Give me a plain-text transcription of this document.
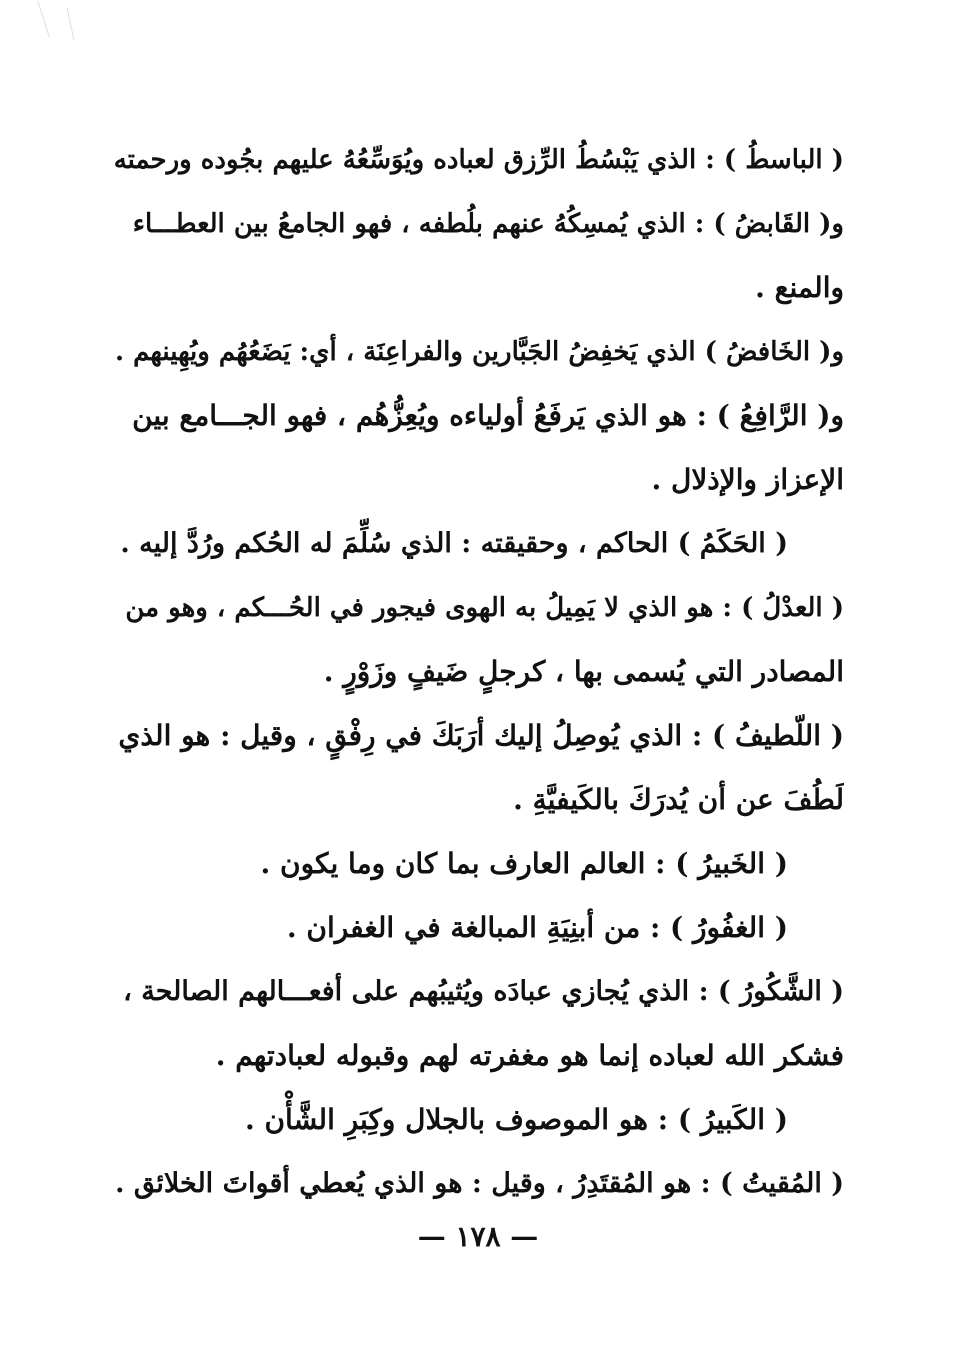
( الباسطُ ) : الذي يَبْسُطُ الرِّزق لعباده ويُوَسِّعُهُ عليهم بجُوده ورحمته
و( القَابضُ ) : الذي يُمسِكُهُ عنهم بلُطفه ، فهو الجامعُ بين العطـــاء
والمنع .
و( الخَافضُ ) الذي يَخفِضُ الجَبَّارين والفراعِنَة ، أي: يَضَعُهُم ويُهِينهم .
و( الرَّافِعُ ) : هو الذي يَرفَعُ أولياءه ويُعِزُّهُم ، فهو الجـــامع بين
الإعزاز والإذلال .
( الحَكَمُ ) الحاكم ، وحقيقته : الذي سُلِّمَ له الحُكم ورُدَّ إليه .
( العدْلُ ) : هو الذي لا يَمِيلُ به الهوى فيجور في الحُـــكم ، وهو من
المصادر التي يُسمى بها ، كرجلٍ ضَيفٍ وزَوْرٍ .
( اللّطيفُ ) : الذي يُوصِلُ إليك أرَبَكَ في رِفْقٍ ، وقيل : هو الذي
لَطُفَ عن أن يُدرَكَ بالكَيفيَّةِ .
( الخَبيرُ ) : العالم العارف بما كان وما يكون .
( الغفُورُ ) : من أبنِيَةِ المبالغة في الغفران .
( الشَّكُورُ ) : الذي يُجازي عبادَه ويُثيبُهم على أفعـــالهم الصالحة ،
فشكر الله لعباده إنما هو مغفرته لهم وقبوله لعبادتهم .
( الكَبيرُ ) : هو الموصوف بالجلال وكِبَرِ الشَّأْن .
( المُقيتُ ) : هو المُقتَدِرُ ، وقيل : هو الذي يُعطي أقواتَ الخلائق .
— ١٧٨ —
